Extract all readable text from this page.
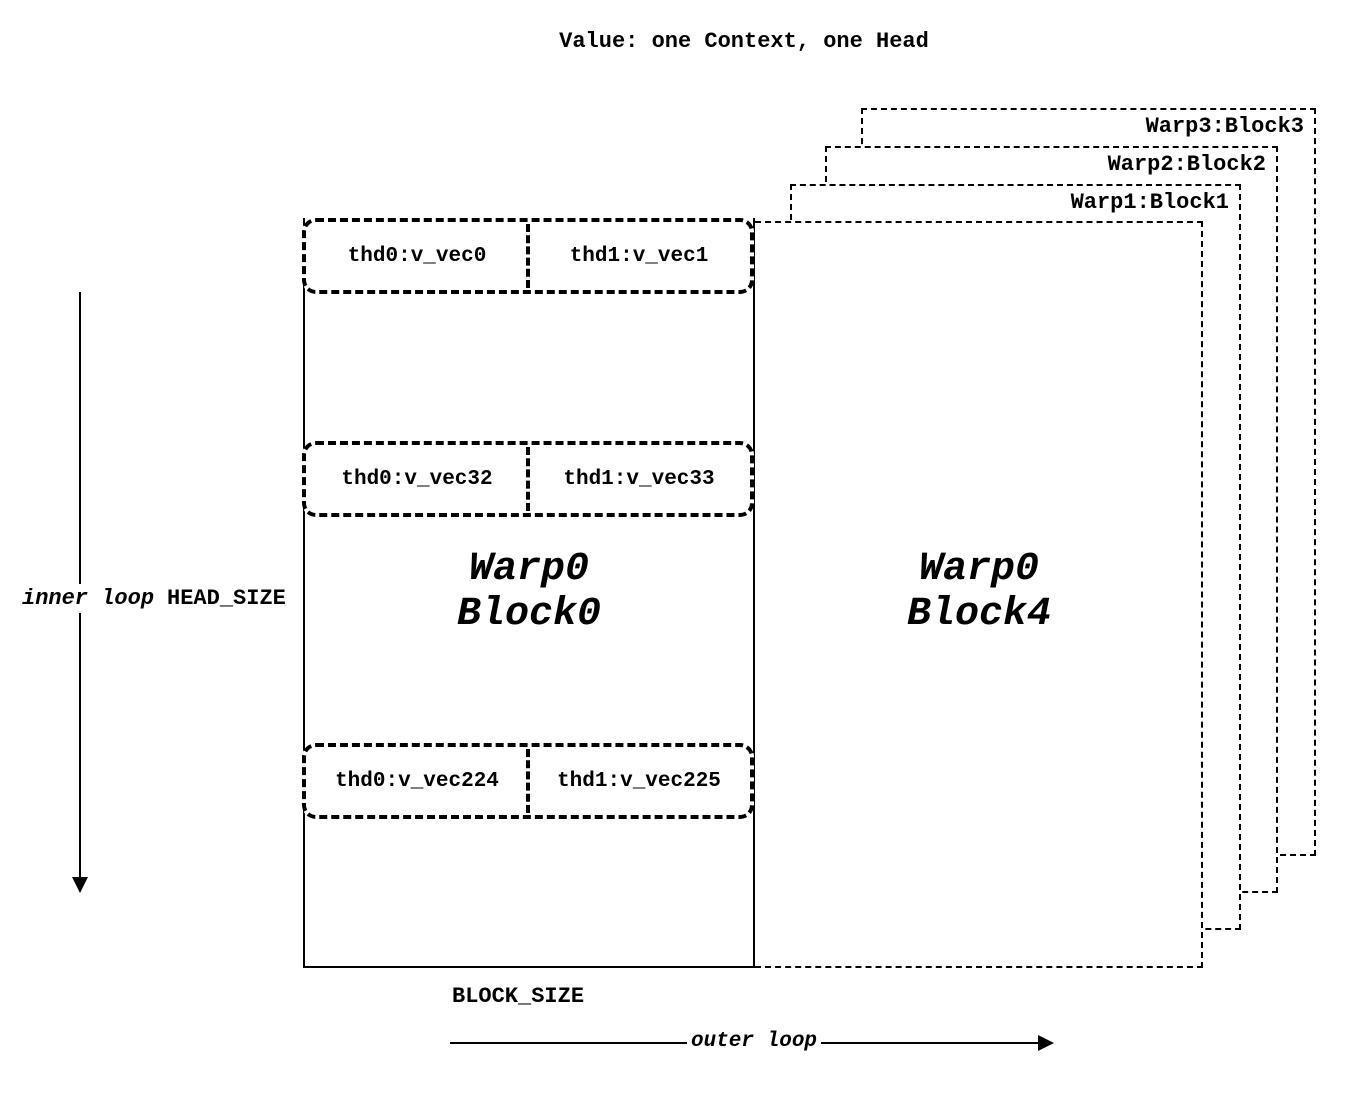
Value: one Context, one Head
Warp3:Block3
Warp2:Block2
Warp1:Block1
thd0:v_vec0	thd1:v_vec1
thd0:v_vec32	thd1:v_vec33
thd0:v_vec224	thd1:v_vec225
Warp0
Block0
Warp0
Block4
inner loop HEAD_SIZE
BLOCK_SIZE
outer loop
